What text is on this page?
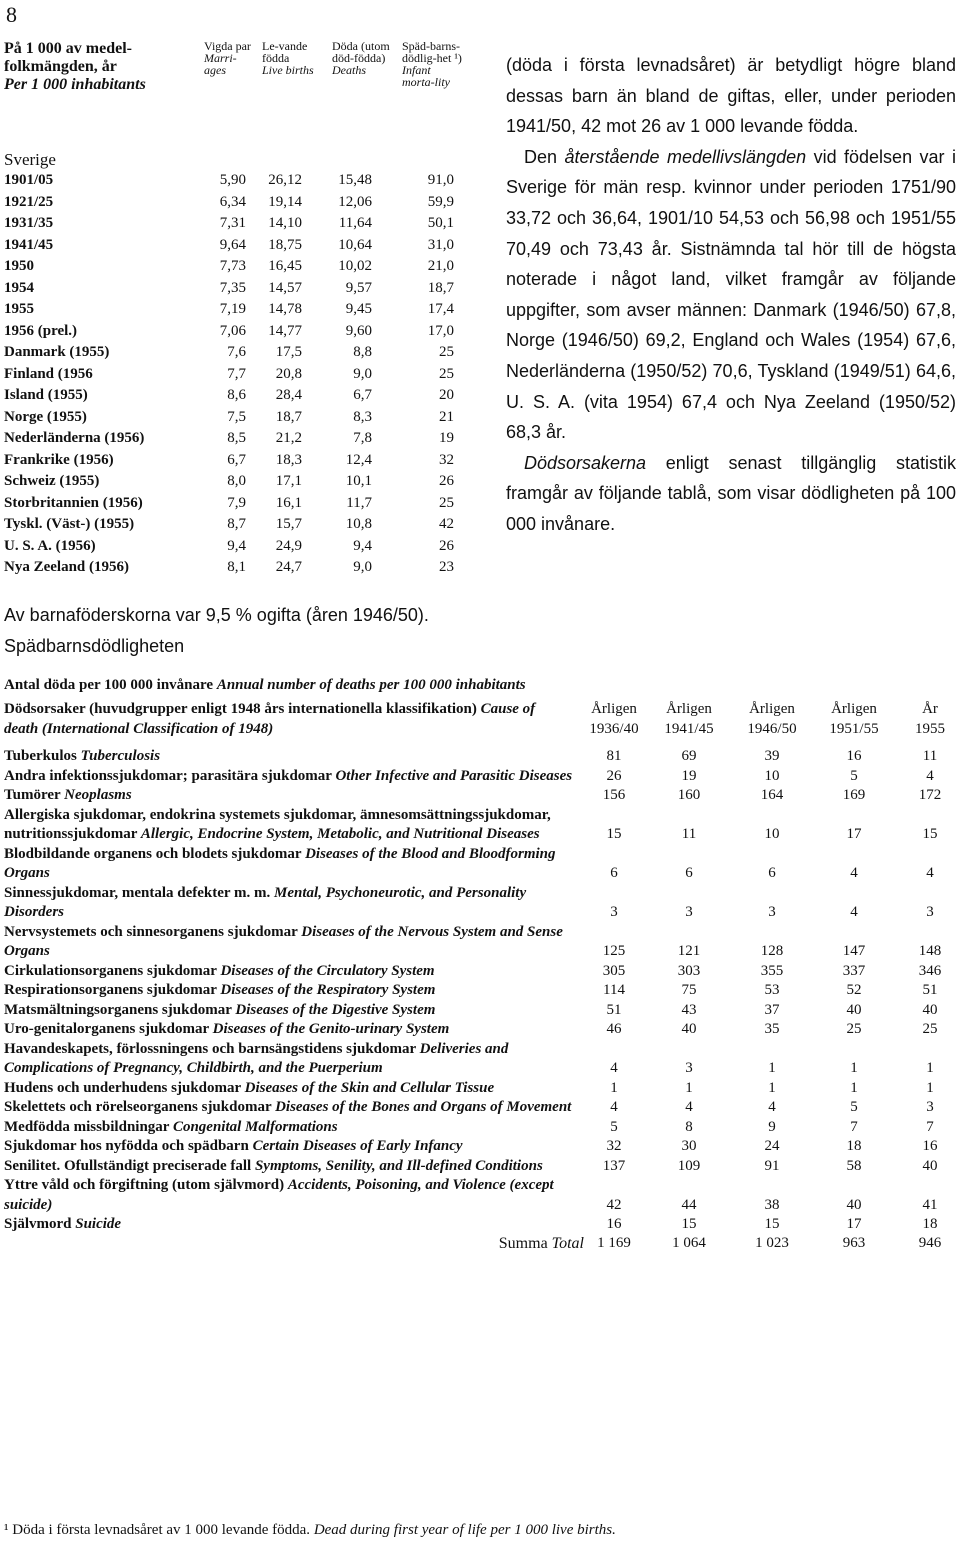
8
På 1 000 av medel-folkmängden, år
Per 1 000 inhabitants
Vigda par
Marri-ages
Le-vande födda
Live births
Döda (utom död-födda)
Deaths
Späd-barns-dödlig-het ¹)
Infant morta-lity
Sverige
1901/05	5,90	26,12	15,48	91,0
1921/25	6,34	19,14	12,06	59,9
1931/35	7,31	14,10	11,64	50,1
1941/45	9,64	18,75	10,64	31,0
1950	7,73	16,45	10,02	21,0
1954	7,35	14,57	9,57	18,7
1955	7,19	14,78	9,45	17,4
1956 (prel.)	7,06	14,77	9,60	17,0
Danmark (1955)	7,6	17,5	8,8	25
Finland (1956	7,7	20,8	9,0	25
Island (1955)	8,6	28,4	6,7	20
Norge (1955)	7,5	18,7	8,3	21
Nederländerna (1956)	8,5	21,2	7,8	19
Frankrike (1956)	6,7	18,3	12,4	32
Schweiz (1955)	8,0	17,1	10,1	26
Storbritannien (1956)	7,9	16,1	11,7	25
Tyskl. (Väst-) (1955)	8,7	15,7	10,8	42
U. S. A. (1956)	9,4	24,9	9,4	26
Nya Zeeland (1956)	8,1	24,7	9,0	23
Av barnaföderskorna var 9,5 % ogifta (åren 1946/50). Spädbarnsdödligheten

(döda i första levnadsåret) är betydligt högre bland dessas barn än bland de giftas, eller, under perioden 1941/50, 42 mot 26 av 1 000 levande födda.

Den återstående medellivslängden vid födelsen var i Sverige för män resp. kvinnor under perioden 1751/90 33,72 och 36,64, 1901/10 54,53 och 56,98 och 1951/55 70,49 och 73,43 år. Sistnämnda tal hör till de högsta noterade i något land, vilket framgår av följande uppgifter, som avser männen: Danmark (1946/50) 67,8, Norge (1946/50) 69,2, England och Wales (1954) 67,6, Nederländerna (1950/52) 70,6, Tyskland (1949/51) 64,6, U. S. A. (vita 1954) 67,4 och Nya Zeeland (1950/52) 68,3 år.

Dödsorsakerna enligt senast tillgänglig statistik framgår av följande tablå, som visar dödligheten på 100 000 invånare.

Antal döda per 100 000 invånare Annual number of deaths per 100 000 inhabitants
Dödsorsaker (huvudgrupper enligt 1948 års internationella klassifikation) Cause of death (International Classification of 1948)
Årligen
1936/40
Årligen
1941/45
Årligen
1946/50
Årligen
1951/55
År
1955
Tuberkulos Tuberculosis	81	69	39	16	11
Andra infektionssjukdomar; parasitära sjukdomar Other Infective and Parasitic Diseases	26	19	10	5	4
Tumörer Neoplasms	156	160	164	169	172
Allergiska sjukdomar, endokrina systemets sjukdomar, ämnesomsättningssjukdomar, nutritionssjukdomar Allergic, Endocrine System, Metabolic, and Nutritional Diseases	15	11	10	17	15
Blodbildande organens och blodets sjukdomar Diseases of the Blood and Bloodforming Organs	6	6	6	4	4
Sinnessjukdomar, mentala defekter m. m. Mental, Psychoneurotic, and Personality Disorders	3	3	3	4	3
Nervsystemets och sinnesorganens sjukdomar Diseases of the Nervous System and Sense Organs	125	121	128	147	148
Cirkulationsorganens sjukdomar Diseases of the Circulatory System	305	303	355	337	346
Respirationsorganens sjukdomar Diseases of the Respiratory System	114	75	53	52	51
Matsmältningsorganens sjukdomar Diseases of the Digestive System	51	43	37	40	40
Uro-genitalorganens sjukdomar Diseases of the Genito-urinary System	46	40	35	25	25
Havandeskapets, förlossningens och barnsängstidens sjukdomar Deliveries and Complications of Pregnancy, Childbirth, and the Puerperium	4	3	1	1	1
Hudens och underhudens sjukdomar Diseases of the Skin and Cellular Tissue	1	1	1	1	1
Skelettets och rörelseorganens sjukdomar Diseases of the Bones and Organs of Movement	4	4	4	5	3
Medfödda missbildningar Congenital Malformations	5	8	9	7	7
Sjukdomar hos nyfödda och spädbarn Certain Diseases of Early Infancy	32	30	24	18	16
Senilitet. Ofullständigt preciserade fall Symptoms, Senility, and Ill-defined Conditions	137	109	91	58	40
Yttre våld och förgiftning (utom självmord) Accidents, Poisoning, and Violence (except suicide)	42	44	38	40	41
Självmord Suicide	16	15	15	17	18
Summa Total 1 169	1 064	1 023	963	946
¹ Döda i första levnadsåret av 1 000 levande födda. Dead during first year of life per 1 000 live births.
